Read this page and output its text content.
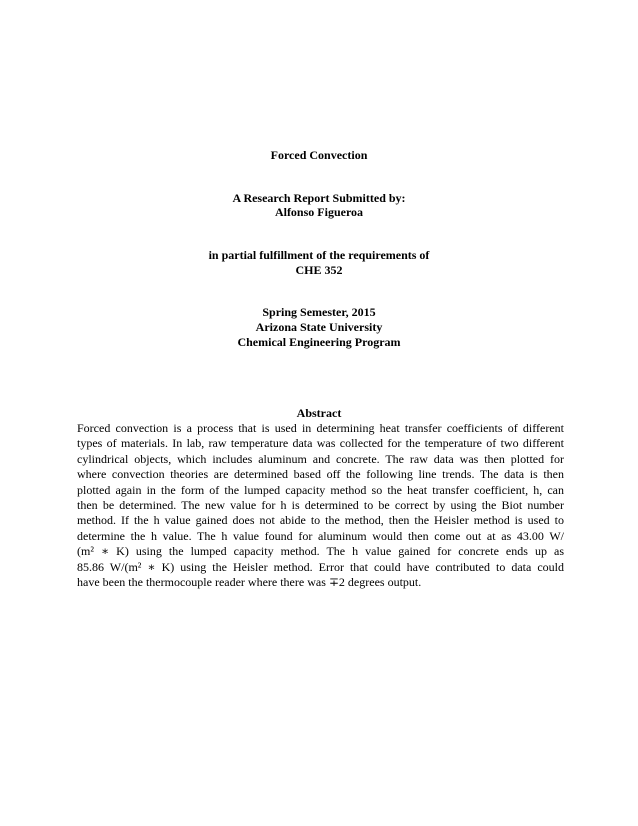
Forced Convection
A Research Report Submitted by:
Alfonso Figueroa
in partial fulfillment of the requirements of
CHE 352
Spring Semester, 2015
Arizona State University
Chemical Engineering Program
Abstract
Forced convection is a process that is used in determining heat transfer coefficients of different
types of materials. In lab, raw temperature data was collected for the temperature of two different
cylindrical objects, which includes aluminum and concrete. The raw data was then plotted for
where convection theories are determined based off the following line trends. The data is then
plotted again in the form of the lumped capacity method so the heat transfer coefficient, h, can
then be determined. The new value for h is determined to be correct by using the Biot number
method. If the h value gained does not abide to the method, then the Heisler method is used to
determine the h value. The h value found for aluminum would then come out at as 43.00 W/
(m² ∗ K) using the lumped capacity method. The h value gained for concrete ends up as
85.86 W/(m² ∗ K) using the Heisler method. Error that could have contributed to data could
have been the thermocouple reader where there was ∓2 degrees output.
